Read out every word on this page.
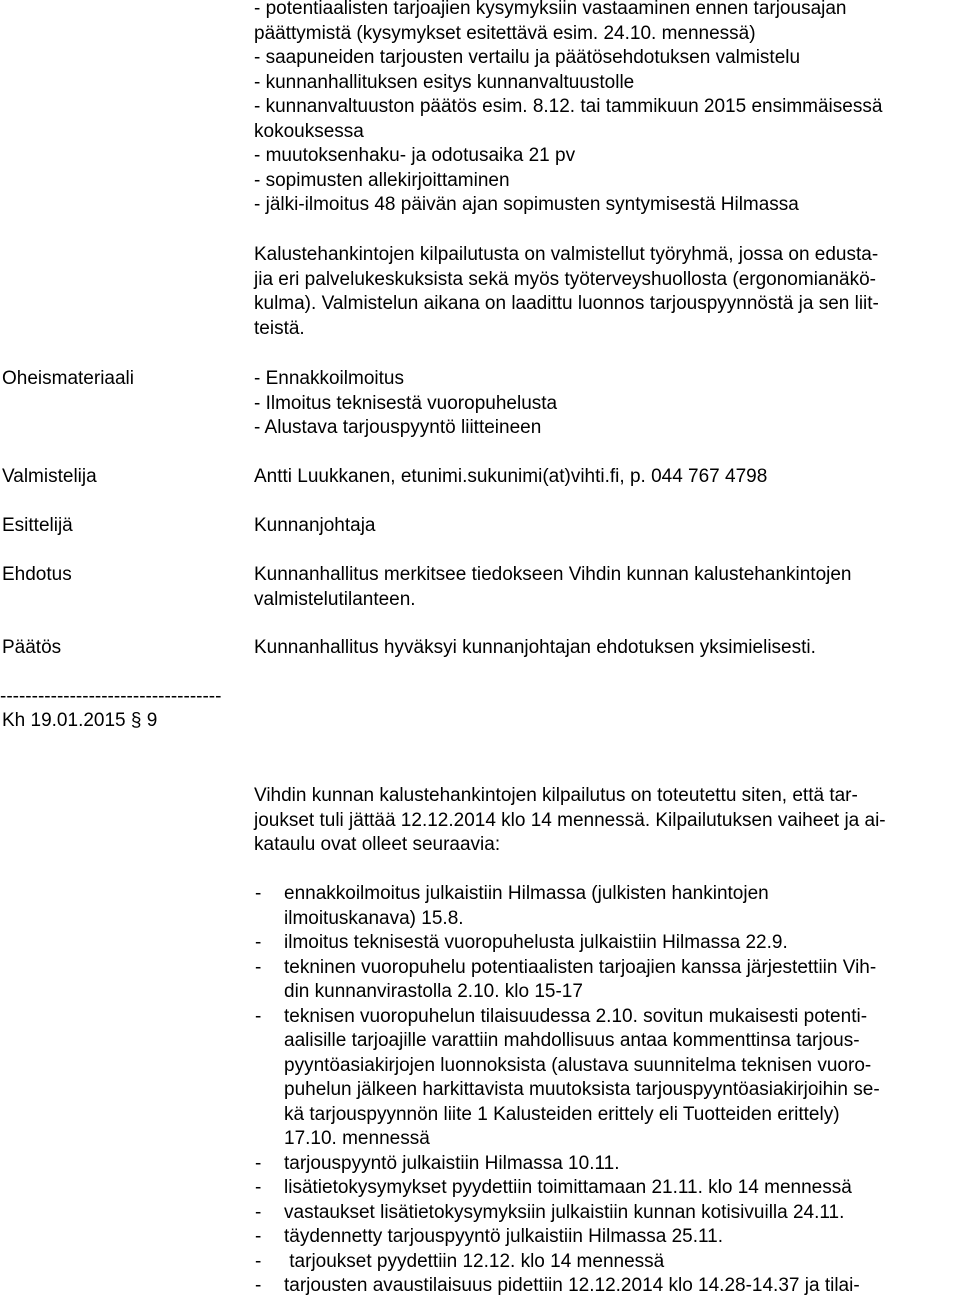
- potentiaalisten tarjoajien kysymyksiin vastaaminen ennen tarjousajan
päättymistä (kysymykset esitettävä esim. 24.10. mennessä)
- saapuneiden tarjousten vertailu ja päätösehdotuksen valmistelu
- kunnanhallituksen esitys kunnanvaltuustolle
- kunnanvaltuuston päätös esim. 8.12. tai tammikuun 2015 ensimmäisessä
kokouksessa
- muutoksenhaku- ja odotusaika 21 pv
- sopimusten allekirjoittaminen
- jälki-ilmoitus 48 päivän ajan sopimusten syntymisestä Hilmassa
Kalustehankintojen kilpailutusta on valmistellut työryhmä, jossa on edusta-
jia eri palvelukeskuksista sekä myös työterveyshuollosta (ergonomianäkö-
kulma). Valmistelun aikana on laadittu luonnos tarjouspyynnöstä ja sen liit-
teistä.
Oheismateriaali	- Ennakkoilmoitus
- Ilmoitus teknisestä vuoropuhelusta
- Alustava tarjouspyyntö liitteineen
Valmistelija	Antti Luukkanen, etunimi.sukunimi(at)vihti.fi, p. 044 767 4798
Esittelijä	Kunnanjohtaja
Ehdotus	Kunnanhallitus merkitsee tiedokseen Vihdin kunnan kalustehankintojen
valmistelutilanteen.
Päätös	Kunnanhallitus hyväksyi kunnanjohtajan ehdotuksen yksimielisesti.
-----------------------------------
Kh 19.01.2015 § 9
Vihdin kunnan kalustehankintojen kilpailutus on toteutettu siten, että tar-
joukset tuli jättää 12.12.2014 klo 14 mennessä. Kilpailutuksen vaiheet ja ai-
kataulu ovat olleet seuraavia:
- ennakkoilmoitus julkaistiin Hilmassa (julkisten hankintojen
ilmoituskanava) 15.8.
- ilmoitus teknisestä vuoropuhelusta julkaistiin Hilmassa 22.9.
- tekninen vuoropuhelu potentiaalisten tarjoajien kanssa järjestettiin Vih-
din kunnanvirastolla 2.10. klo 15-17
- teknisen vuoropuhelun tilaisuudessa 2.10. sovitun mukaisesti potenti-
aalisille tarjoajille varattiin mahdollisuus antaa kommenttinsa tarjous-
pyyntöasiakirjojen luonnoksista (alustava suunnitelma teknisen vuoro-
puhelun jälkeen harkittavista muutoksista tarjouspyyntöasiakirjoihin se-
kä tarjouspyynnön liite 1 Kalusteiden erittely eli Tuotteiden erittely)
17.10. mennessä
- tarjouspyyntö julkaistiin Hilmassa 10.11.
- lisätietokysymykset pyydettiin toimittamaan 21.11. klo 14 mennessä
- vastaukset lisätietokysymyksiin julkaistiin kunnan kotisivuilla 24.11.
- täydennetty tarjouspyyntö julkaistiin Hilmassa 25.11.
-  tarjoukset pyydettiin 12.12. klo 14 mennessä
- tarjousten avaustilaisuus pidettiin 12.12.2014 klo 14.28-14.37 ja tilai-
